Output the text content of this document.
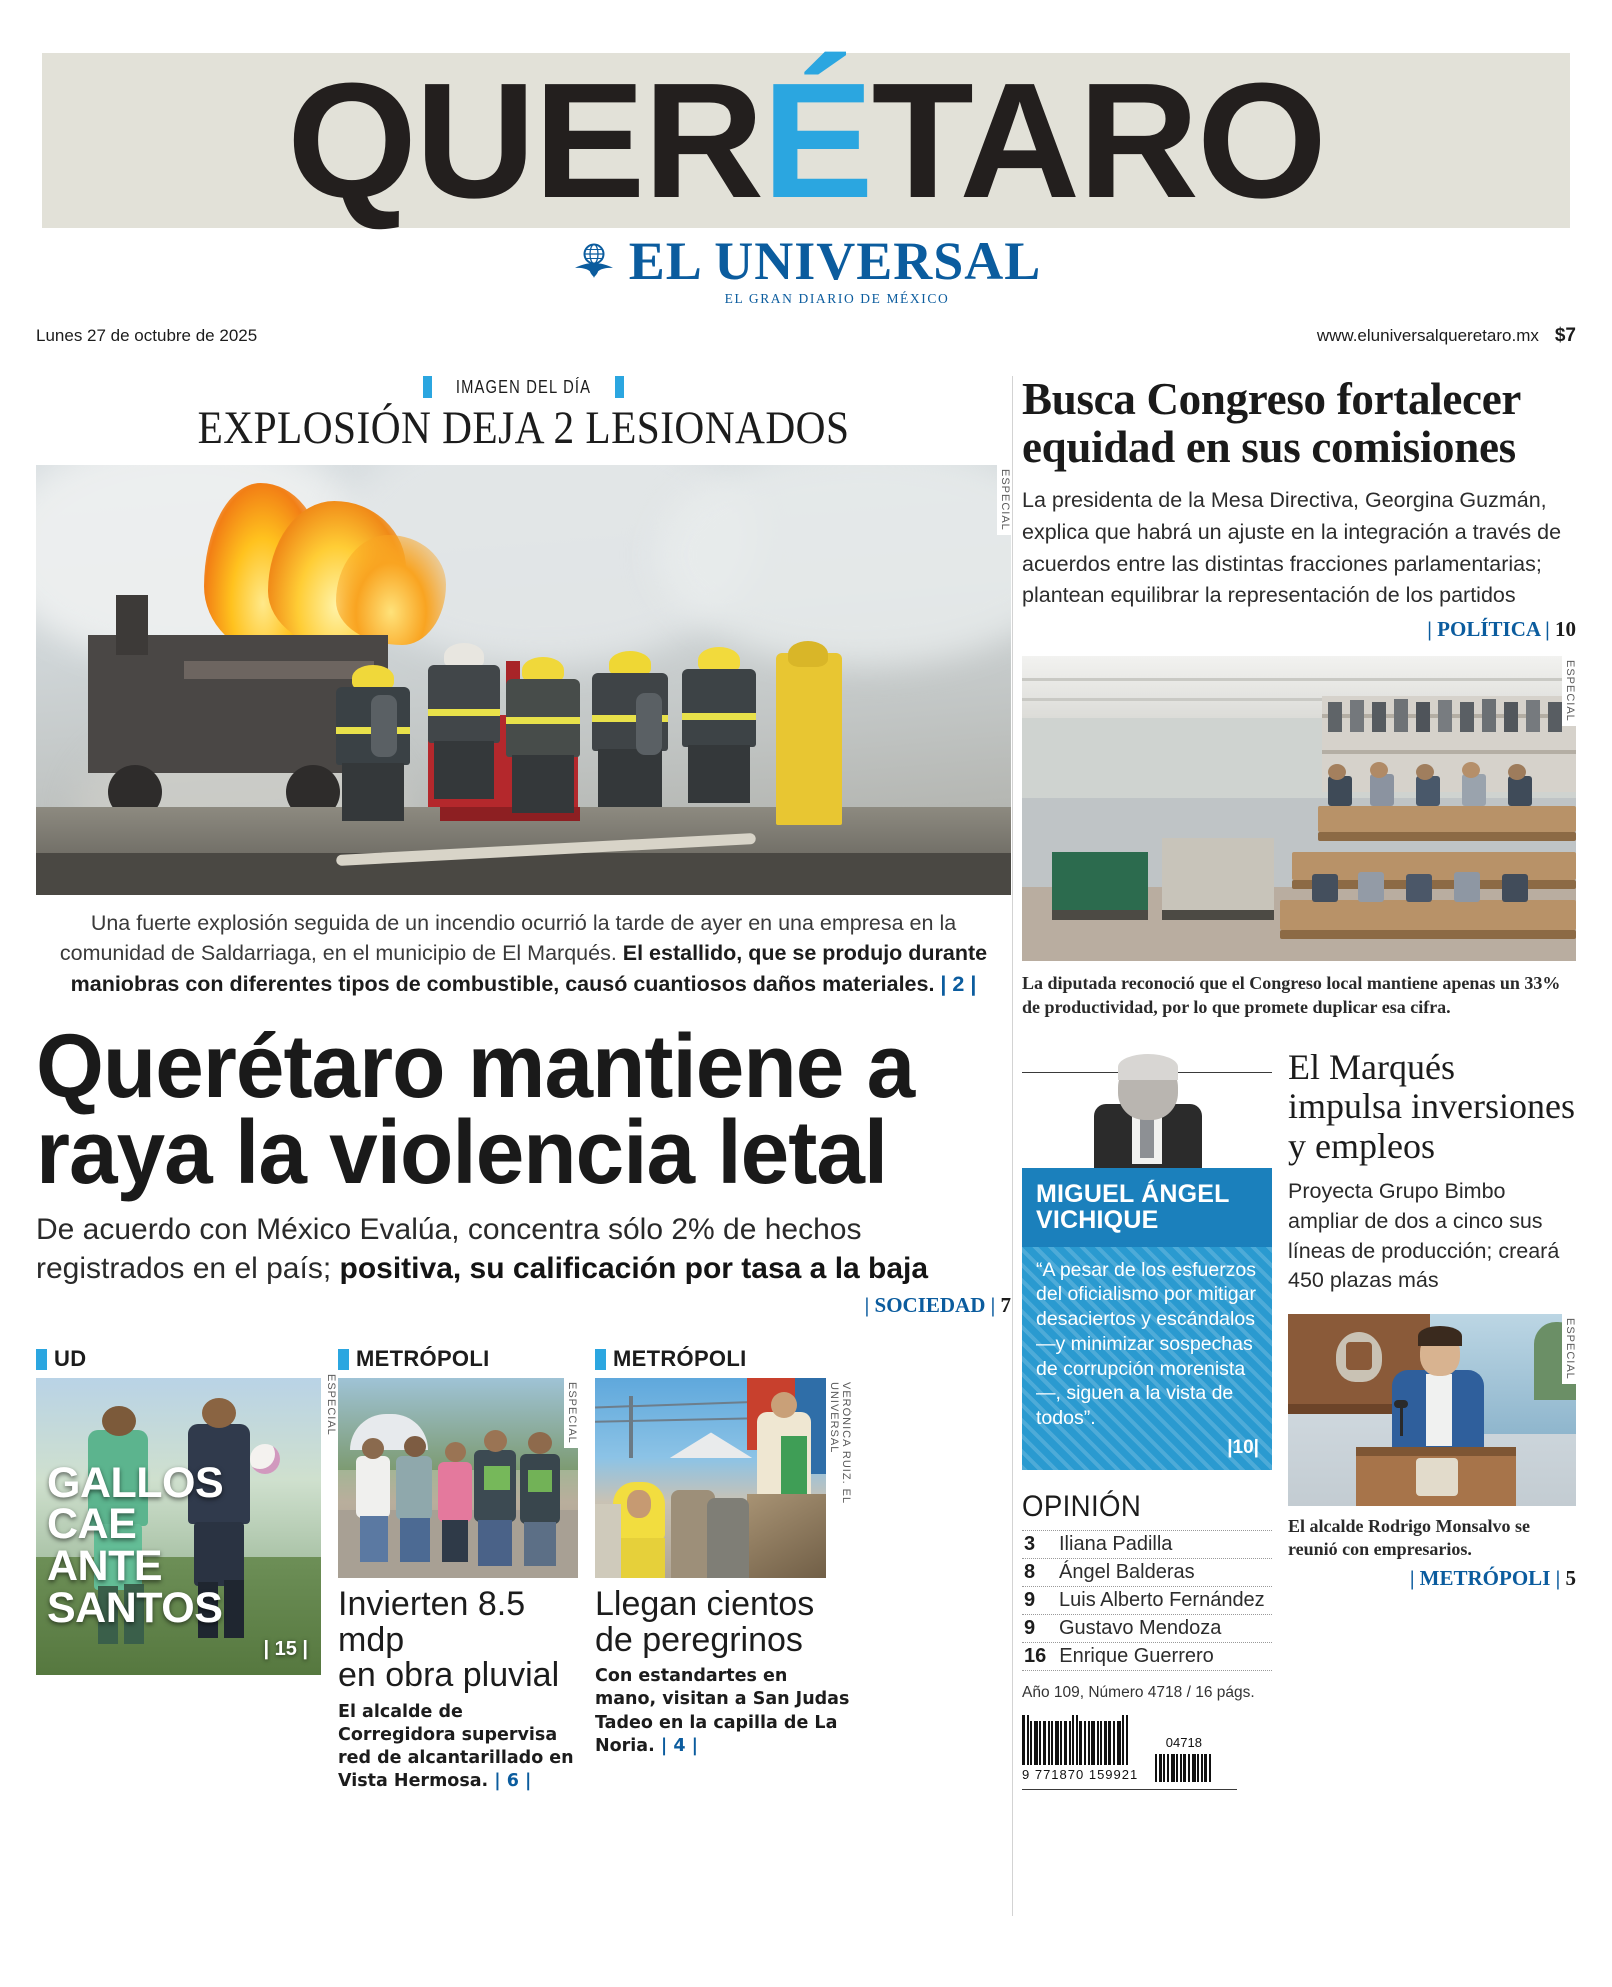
QUER É TARO
EL UNIVERSAL
EL GRAN DIARIO DE MÉXICO
Lunes 27 de octubre de 2025	www.eluniversalqueretaro.mx $7
IMAGEN DEL DÍA
EXPLOSIÓN DEJA 2 LESIONADOS
ESPECIAL
Una fuerte explosión seguida de un incendio ocurrió la tarde de ayer en una empresa en la comunidad de Saldarriaga, en el municipio de El Marqués. El estallido, que se produjo durante maniobras con diferentes tipos de combustible, causó cuantiosos daños materiales. | 2 |
Querétaro mantiene a
raya la violencia letal
De acuerdo con México Evalúa, concentra sólo 2% de hechos registrados en el país; positiva, su calificación por tasa a la baja
| SOCIEDAD | 7
UD
GALLOS CAE
ANTE SANTOS
| 15 |
ESPECIAL
METRÓPOLI
ESPECIAL
Invierten 8.5 mdp
en obra pluvial
El alcalde de Corregidora supervisa red de alcantarillado en Vista Hermosa. | 6 |
METRÓPOLI
VERÓNICA RUIZ. EL UNIVERSAL
Llegan cientos
de peregrinos
Con estandartes en mano, visitan a San Judas Tadeo en la capilla de La Noria. | 4 |
Busca Congreso fortalecer equidad en sus comisiones
La presidenta de la Mesa Directiva, Georgina Guzmán, explica que habrá un ajuste en la integración a través de acuerdos entre las distintas fracciones parlamentarias; plantean equilibrar la representación de los partidos
| POLÍTICA | 10
ESPECIAL
La diputada reconoció que el Congreso local mantiene apenas un 33% de productividad, por lo que promete duplicar esa cifra.
MIGUEL ÁNGEL
VICHIQUE
“A pesar de los esfuerzos del oficialismo por mitigar desaciertos y escándalos —y minimizar sospechas de corrupción morenista—, siguen a la vista de todos”.
|10|
OPINIÓN
3	Iliana Padilla
8	Ángel Balderas
9	Luis Alberto Fernández
9	Gustavo Mendoza
16 Enrique Guerrero
Año 109, Número 4718 / 16 págs.
9 771870 159921
04718
El Marqués impulsa inversiones y empleos
Proyecta Grupo Bimbo ampliar de dos a cinco sus líneas de producción; creará 450 plazas más
ESPECIAL
El alcalde Rodrigo Monsalvo se reunió con empresarios.
| METRÓPOLI | 5
